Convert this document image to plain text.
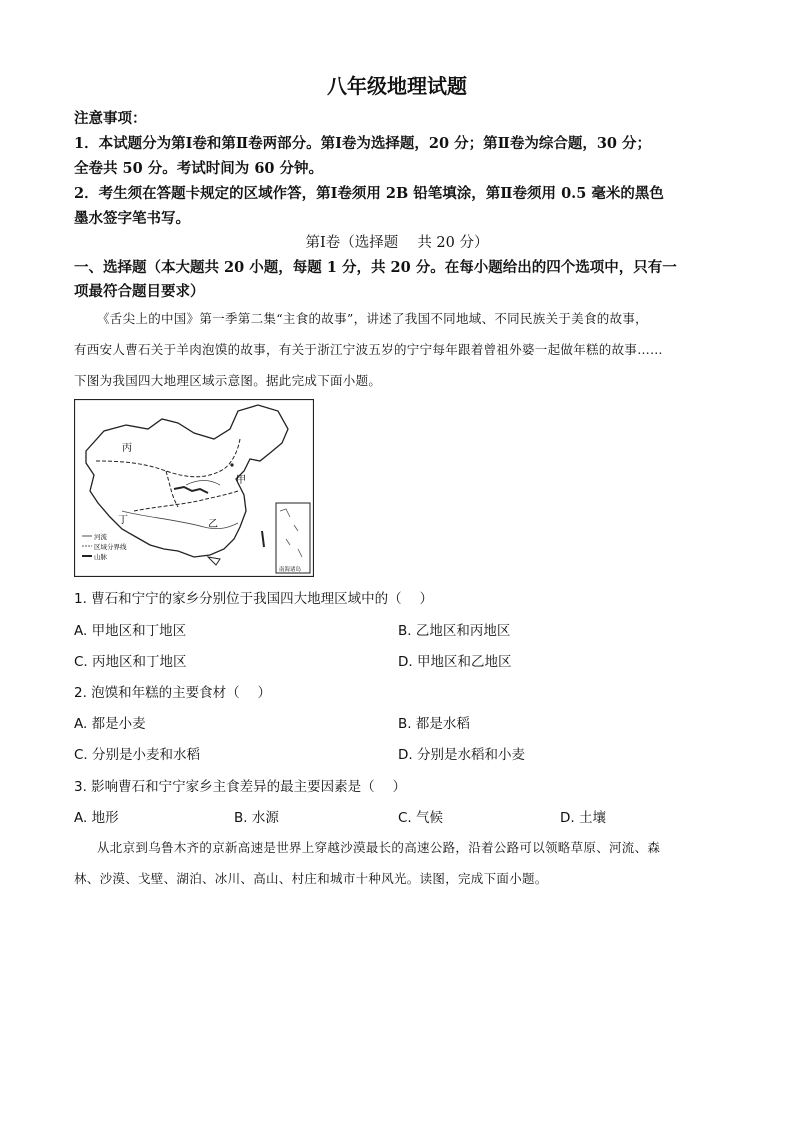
八年级地理试题
注意事项：
1．本试题分为第Ⅰ卷和第Ⅱ卷两部分。第Ⅰ卷为选择题，20 分；第Ⅱ卷为综合题，30 分；
全卷共 50 分。考试时间为 60 分钟。
2．考生须在答题卡规定的区域作答，第Ⅰ卷须用 2B 铅笔填涂，第Ⅱ卷须用 0.5 毫米的黑色
墨水签字笔书写。
第Ⅰ卷（选择题　 共 20 分）
一、选择题（本大题共 20 小题，每题 1 分，共 20 分。在每小题给出的四个选项中，只有一
项最符合题目要求）
《舌尖上的中国》第一季第二集“主食的故事”，讲述了我国不同地域、不同民族关于美食的故事，
有西安人曹石关于羊肉泡馍的故事，有关于浙江宁波五岁的宁宁每年跟着曾祖外婆一起做年糕的故事……
下图为我国四大地理区域示意图。据此完成下面小题。
丙
甲
丁	乙
河流
区域分界线
山脉
南海诸岛
1. 曹石和宁宁的家乡分别位于我国四大地理区域中的（　 ）
A. 甲地区和丁地区	B. 乙地区和丙地区
C. 丙地区和丁地区	D. 甲地区和乙地区
2. 泡馍和年糕的主要食材（　 ）
A. 都是小麦	B. 都是水稻
C. 分别是小麦和水稻	D. 分别是水稻和小麦
3. 影响曹石和宁宁家乡主食差异的最主要因素是（　 ）
A. 地形	B. 水源	C. 气候	D. 土壤
从北京到乌鲁木齐的京新高速是世界上穿越沙漠最长的高速公路，沿着公路可以领略草原、河流、森
林、沙漠、戈壁、湖泊、冰川、高山、村庄和城市十种风光。读图，完成下面小题。
